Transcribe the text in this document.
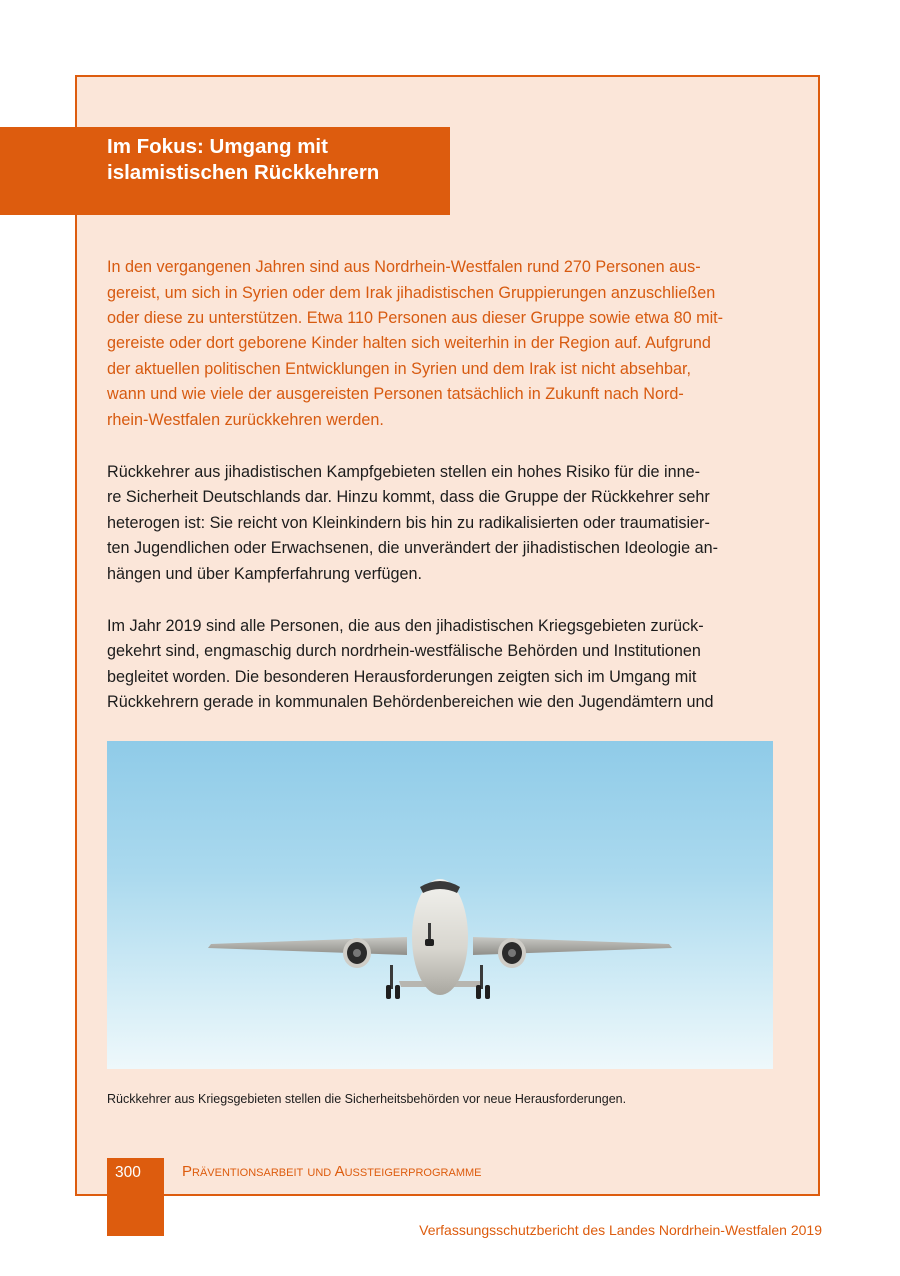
Im Fokus: Umgang mit
islamistischen Rückkehrern
In den vergangenen Jahren sind aus Nordrhein-Westfalen rund 270 Personen aus-
gereist, um sich in Syrien oder dem Irak jihadistischen Gruppierungen anzuschließen
oder diese zu unterstützen. Etwa 110 Personen aus dieser Gruppe sowie etwa 80 mit-
gereiste oder dort geborene Kinder halten sich weiterhin in der Region auf. Aufgrund
der aktuellen politischen Entwicklungen in Syrien und dem Irak ist nicht absehbar,
wann und wie viele der ausgereisten Personen tatsächlich in Zukunft nach Nord-
rhein-Westfalen zurückkehren werden.
Rückkehrer aus jihadistischen Kampfgebieten stellen ein hohes Risiko für die inne-
re Sicherheit Deutschlands dar. Hinzu kommt, dass die Gruppe der Rückkehrer sehr
heterogen ist: Sie reicht von Kleinkindern bis hin zu radikalisierten oder traumatisier-
ten Jugendlichen oder Erwachsenen, die unverändert der jihadistischen Ideologie an-
hängen und über Kampferfahrung verfügen.
Im Jahr 2019 sind alle Personen, die aus den jihadistischen Kriegsgebieten zurück-
gekehrt sind, engmaschig durch nordrhein-westfälische Behörden und Institutionen
begleitet worden. Die besonderen Herausforderungen zeigten sich im Umgang mit
Rückkehrern gerade in kommunalen Behördenbereichen wie den Jugendämtern und
Rückkehrer aus Kriegsgebieten stellen die Sicherheitsbehörden vor neue Herausforderungen.
300	Präventionsarbeit und Aussteigerprogramme
Verfassungsschutzbericht des Landes Nordrhein-Westfalen 2019
